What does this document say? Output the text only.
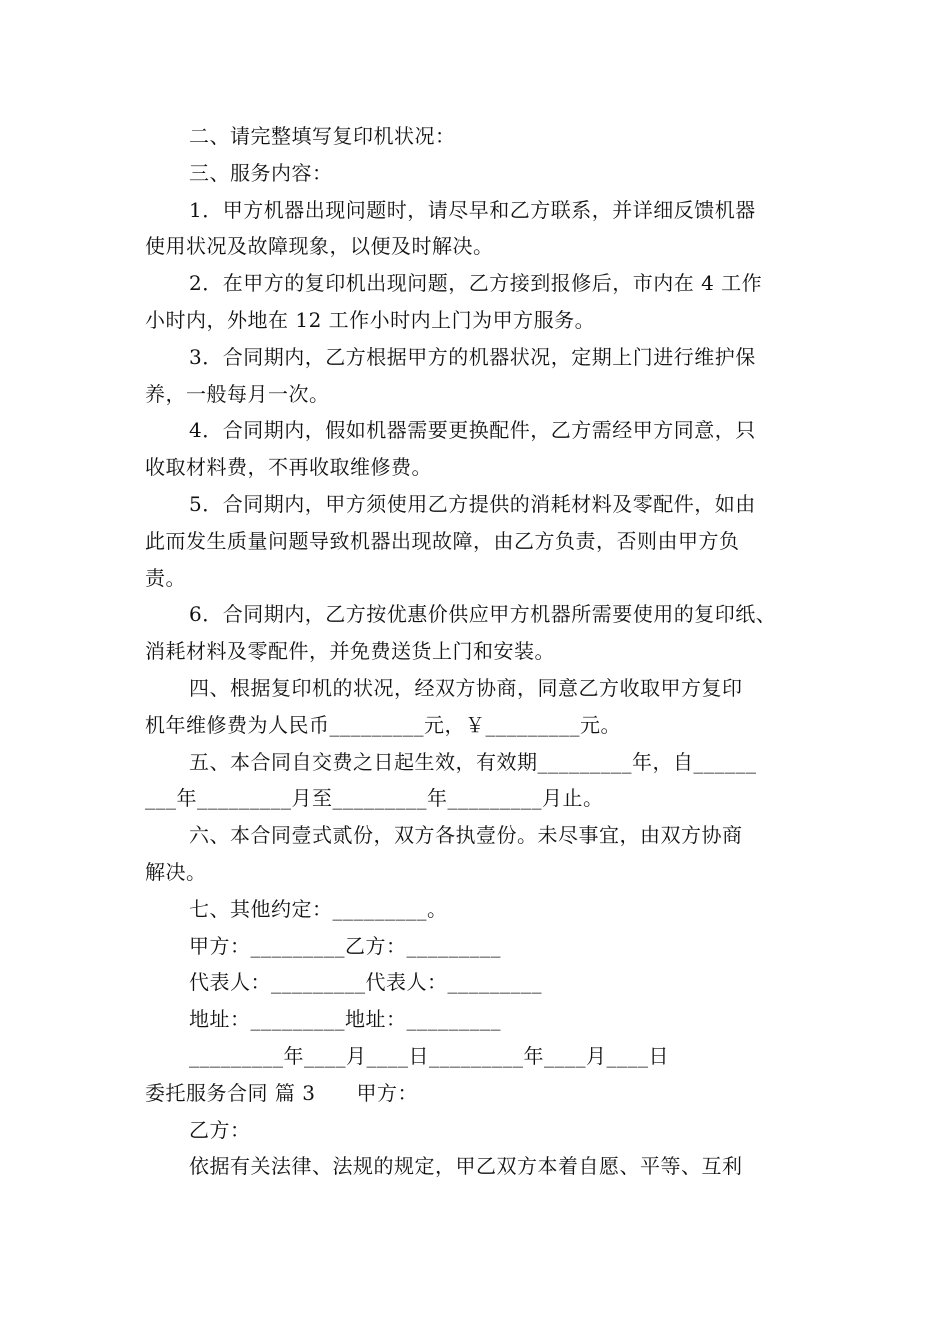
二、请完整填写复印机状况：
三、服务内容：
1．甲方机器出现问题时，请尽早和乙方联系，并详细反馈机器
使用状况及故障现象，以便及时解决。
2．在甲方的复印机出现问题，乙方接到报修后，市内在 4 工作
小时内，外地在 12 工作小时内上门为甲方服务。
3．合同期内，乙方根据甲方的机器状况，定期上门进行维护保
养，一般每月一次。
4．合同期内，假如机器需要更换配件，乙方需经甲方同意，只
收取材料费，不再收取维修费。
5．合同期内，甲方须使用乙方提供的消耗材料及零配件，如由
此而发生质量问题导致机器出现故障，由乙方负责，否则由甲方负
责。
6．合同期内，乙方按优惠价供应甲方机器所需要使用的复印纸、
消耗材料及零配件，并免费送货上门和安装。
四、根据复印机的状况，经双方协商，同意乙方收取甲方复印
机年维修费为人民币_________元，￥_________元。
五、本合同自交费之日起生效，有效期_________年，自______
___年_________月至_________年_________月止。
六、本合同壹式贰份，双方各执壹份。未尽事宜，由双方协商
解决。
七、其他约定：_________。
甲方：_________乙方：_________
代表人：_________代表人：_________
地址：_________地址：_________
_________年____月____日_________年____月____日
委托服务合同 篇 3　　甲方：
乙方：
依据有关法律、法规的规定，甲乙双方本着自愿、平等、互利
